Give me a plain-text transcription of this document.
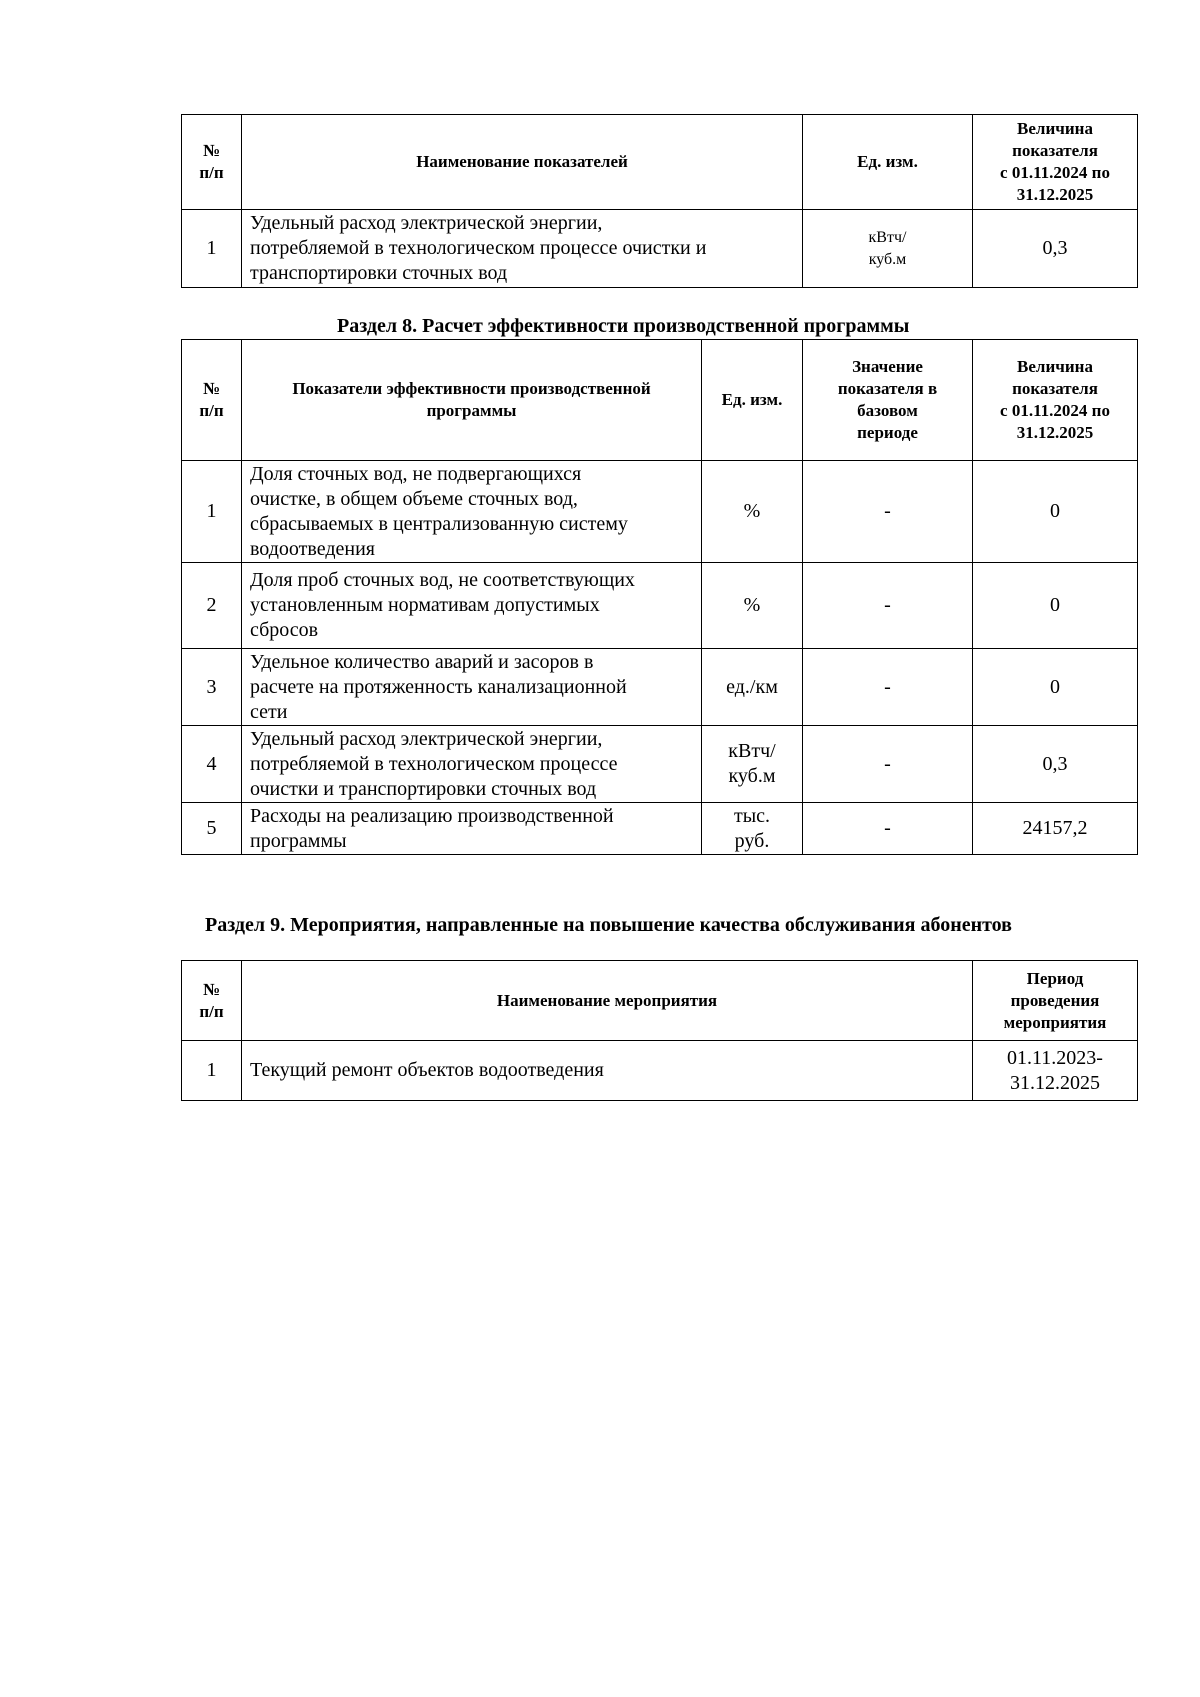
№
п/п	Наименование показателей	Ед. изм.	Величина
показателя
с 01.11.2024 по
31.12.2025
1	Удельный расход электрической энергии,
потребляемой в технологическом процессе очистки и
транспортировки сточных вод	кВтч/
куб.м	0,3
Раздел 8. Расчет эффективности производственной программы
№
п/п	Показатели эффективности производственной
программы	Ед. изм.	Значение
показателя в
базовом
периоде	Величина
показателя
с 01.11.2024 по
31.12.2025
1	Доля сточных вод, не подвергающихся
очистке, в общем объеме сточных вод,
сбрасываемых в централизованную систему
водоотведения	%	-	0
2	Доля проб сточных вод, не соответствующих
установленным нормативам допустимых
сбросов	%	-	0
3	Удельное количество аварий и засоров в
расчете на протяженность канализационной
сети	ед./км	-	0
4	Удельный расход электрической энергии,
потребляемой в технологическом процессе
очистки и транспортировки сточных вод	кВтч/
куб.м	-	0,3
5	Расходы на реализацию производственной
программы	тыс.
руб.	-	24157,2
Раздел 9. Мероприятия, направленные на повышение качества обслуживания абонентов
№
п/п	Наименование мероприятия	Период
проведения
мероприятия
1	Текущий ремонт объектов водоотведения	01.11.2023-
31.12.2025
